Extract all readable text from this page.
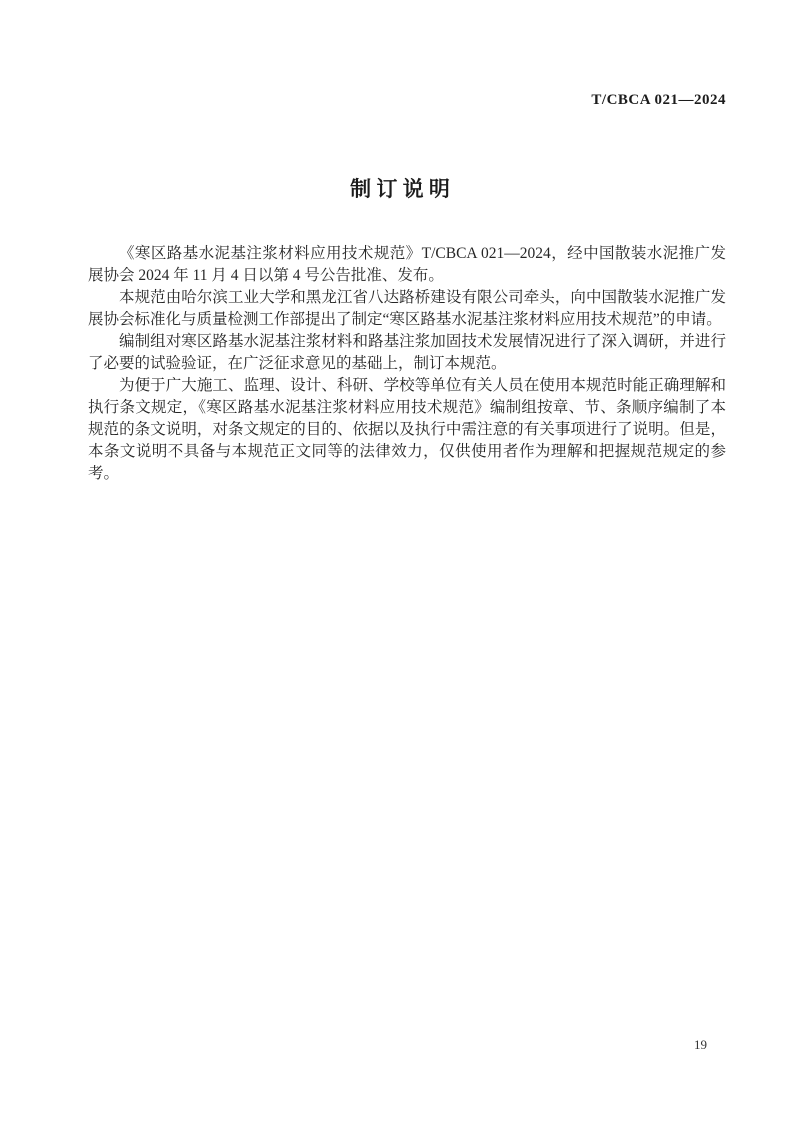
T/CBCA 021—2024
制 订 说 明

《寒区路基水泥基注浆材料应用技术规范》T/CBCA 021—2024，经中国散装水泥推广发展协会 2024 年 11 月 4 日以第 4 号公告批准、发布。

本规范由哈尔滨工业大学和黑龙江省八达路桥建设有限公司牵头，向中国散装水泥推广发展协会标准化与质量检测工作部提出了制定“寒区路基水泥基注浆材料应用技术规范”的申请。

编制组对寒区路基水泥基注浆材料和路基注浆加固技术发展情况进行了深入调研，并进行了必要的试验验证，在广泛征求意见的基础上，制订本规范。

为便于广大施工、监理、设计、科研、学校等单位有关人员在使用本规范时能正确理解和执行条文规定，《寒区路基水泥基注浆材料应用技术规范》编制组按章、节、条顺序编制了本规范的条文说明，对条文规定的目的、依据以及执行中需注意的有关事项进行了说明。但是，本条文说明不具备与本规范正文同等的法律效力，仅供使用者作为理解和把握规范规定的参考。

19
